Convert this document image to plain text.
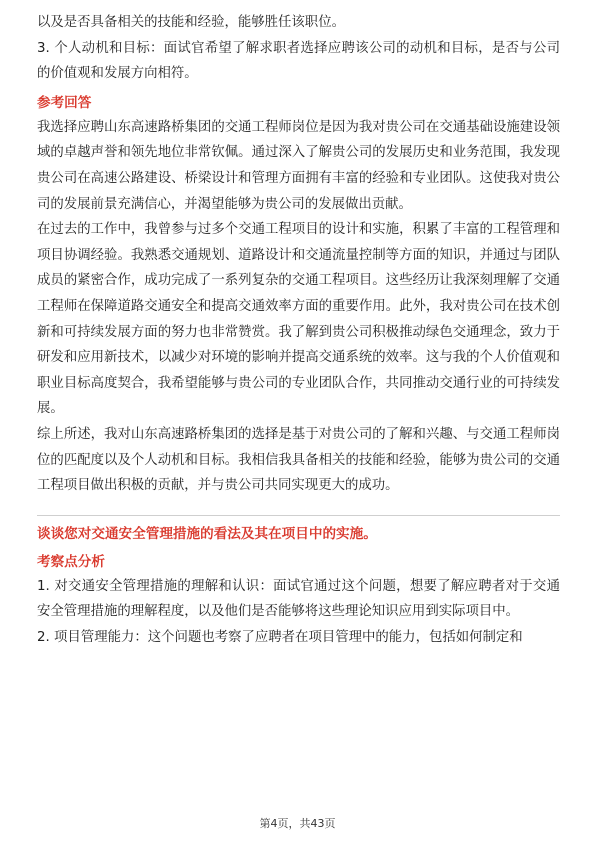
以及是否具备相关的技能和经验，能够胜任该职位。

3. 个人动机和目标：面试官希望了解求职者选择应聘该公司的动机和目标，是否与公司的价值观和发展方向相符。

参考回答

我选择应聘山东高速路桥集团的交通工程师岗位是因为我对贵公司在交通基础设施建设领域的卓越声誉和领先地位非常钦佩。通过深入了解贵公司的发展历史和业务范围，我发现贵公司在高速公路建设、桥梁设计和管理方面拥有丰富的经验和专业团队。这使我对贵公司的发展前景充满信心，并渴望能够为贵公司的发展做出贡献。

在过去的工作中，我曾参与过多个交通工程项目的设计和实施，积累了丰富的工程管理和项目协调经验。我熟悉交通规划、道路设计和交通流量控制等方面的知识，并通过与团队成员的紧密合作，成功完成了一系列复杂的交通工程项目。这些经历让我深刻理解了交通工程师在保障道路交通安全和提高交通效率方面的重要作用。此外，我对贵公司在技术创新和可持续发展方面的努力也非常赞赏。我了解到贵公司积极推动绿色交通理念，致力于研发和应用新技术，以减少对环境的影响并提高交通系统的效率。这与我的个人价值观和职业目标高度契合，我希望能够与贵公司的专业团队合作，共同推动交通行业的可持续发展。

综上所述，我对山东高速路桥集团的选择是基于对贵公司的了解和兴趣、与交通工程师岗位的匹配度以及个人动机和目标。我相信我具备相关的技能和经验，能够为贵公司的交通工程项目做出积极的贡献，并与贵公司共同实现更大的成功。

谈谈您对交通安全管理措施的看法及其在项目中的实施。
考察点分析

1. 对交通安全管理措施的理解和认识：面试官通过这个问题，想要了解应聘者对于交通安全管理措施的理解程度，以及他们是否能够将这些理论知识应用到实际项目中。

2. 项目管理能力：这个问题也考察了应聘者在项目管理中的能力，包括如何制定和

第4页，共43页
